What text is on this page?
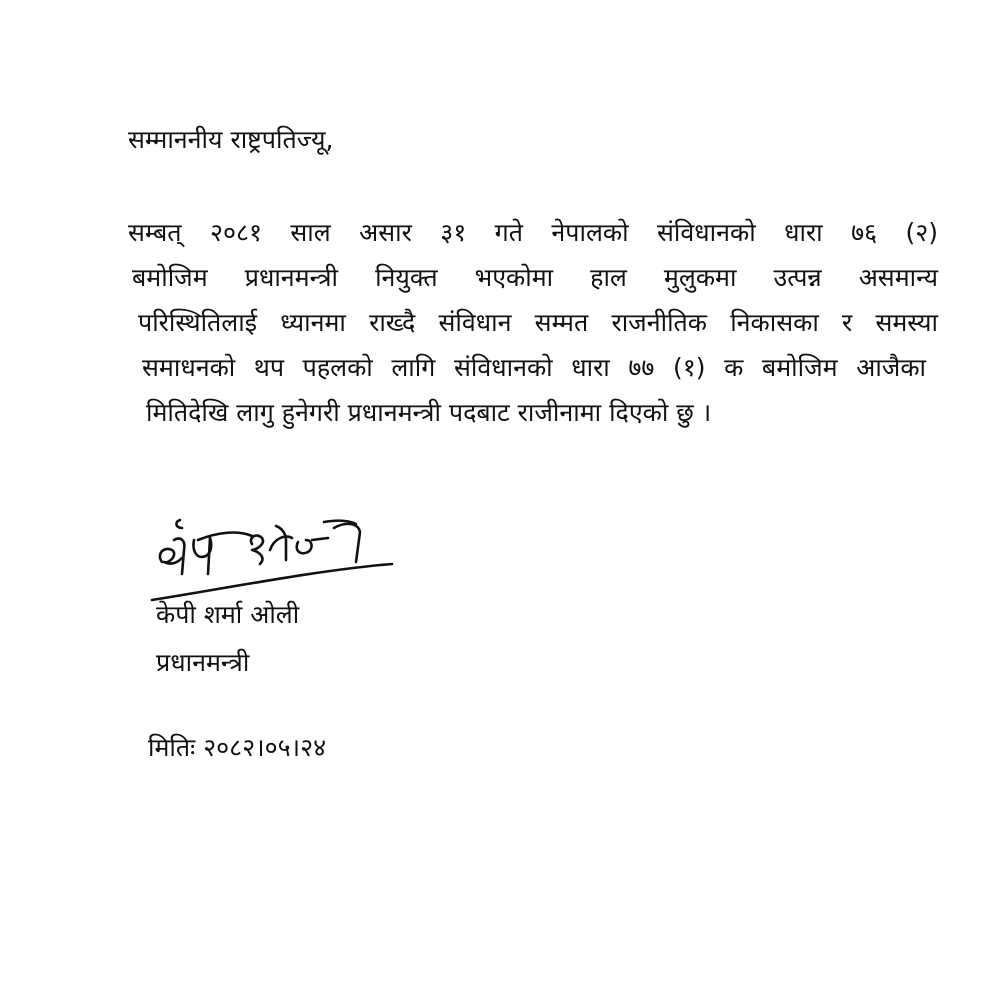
सम्माननीय राष्ट्रपतिज्यू,
सम्बत् २०८१ साल असार ३१ गते नेपालको संविधानको धारा ७६ (२)
बमोजिम प्रधानमन्त्री नियुक्त भएकोमा हाल मुलुकमा उत्पन्न असमान्य
परिस्थितिलाई ध्यानमा राख्दै संविधान सम्मत राजनीतिक निकासका र समस्या
समाधनको थप पहलको लागि संविधानको धारा ७७ (१) क बमोजिम आजैका
मितिदेखि लागु हुनेगरी प्रधानमन्त्री पदबाट राजीनामा दिएको छु ।
केपी शर्मा ओली
प्रधानमन्त्री
मितिः २०८२।०५।२४
